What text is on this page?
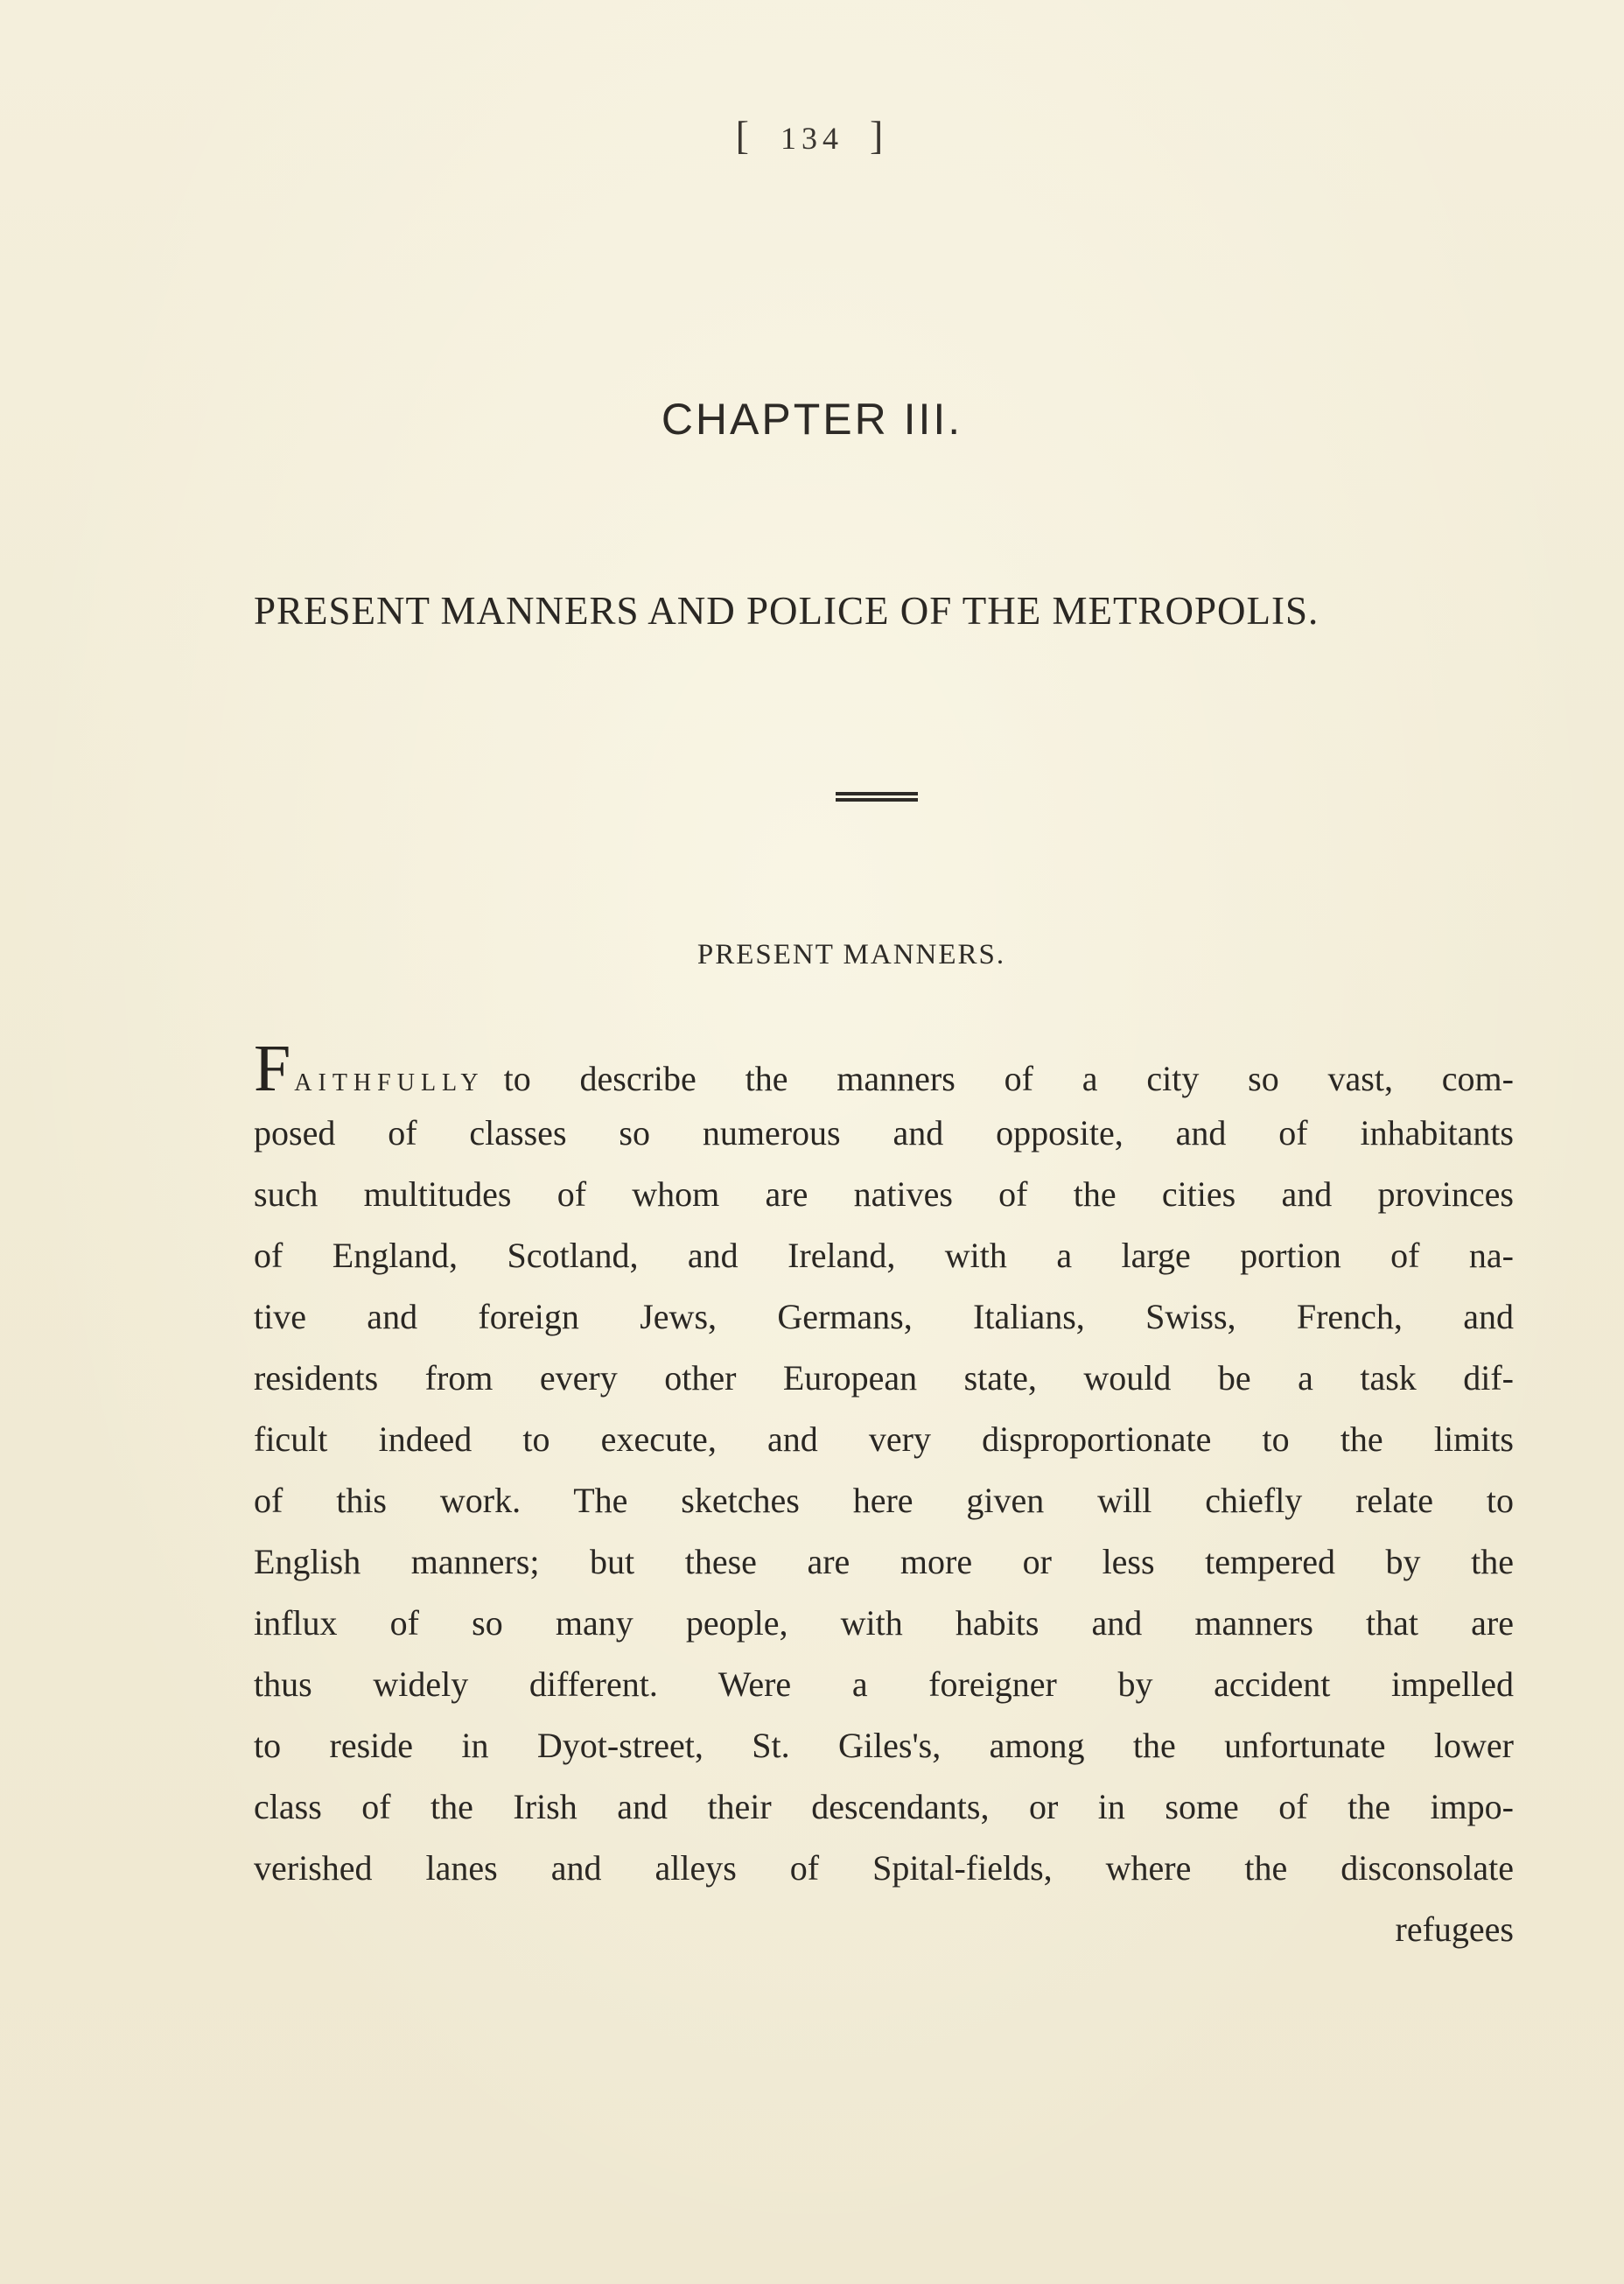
[ 134 ]
CHAPTER III.
PRESENT MANNERS AND POLICE OF THE METROPOLIS.
PRESENT MANNERS.
F AITHFULLY to describe the manners of a city so vast, com-
posed of classes so numerous and opposite, and of inhabitants
such multitudes of whom are natives of the cities and provinces
of England, Scotland, and Ireland, with a large portion of na-
tive and foreign Jews, Germans, Italians, Swiss, French, and
residents from every other European state, would be a task dif-
ficult indeed to execute, and very disproportionate to the limits
of this work. The sketches here given will chiefly relate to
English manners; but these are more or less tempered by the
influx of so many people, with habits and manners that are
thus widely different. Were a foreigner by accident impelled
to reside in Dyot-street, St. Giles's, among the unfortunate lower
class of the Irish and their descendants, or in some of the impo-
verished lanes and alleys of Spital-fields, where the disconsolate
refugees
